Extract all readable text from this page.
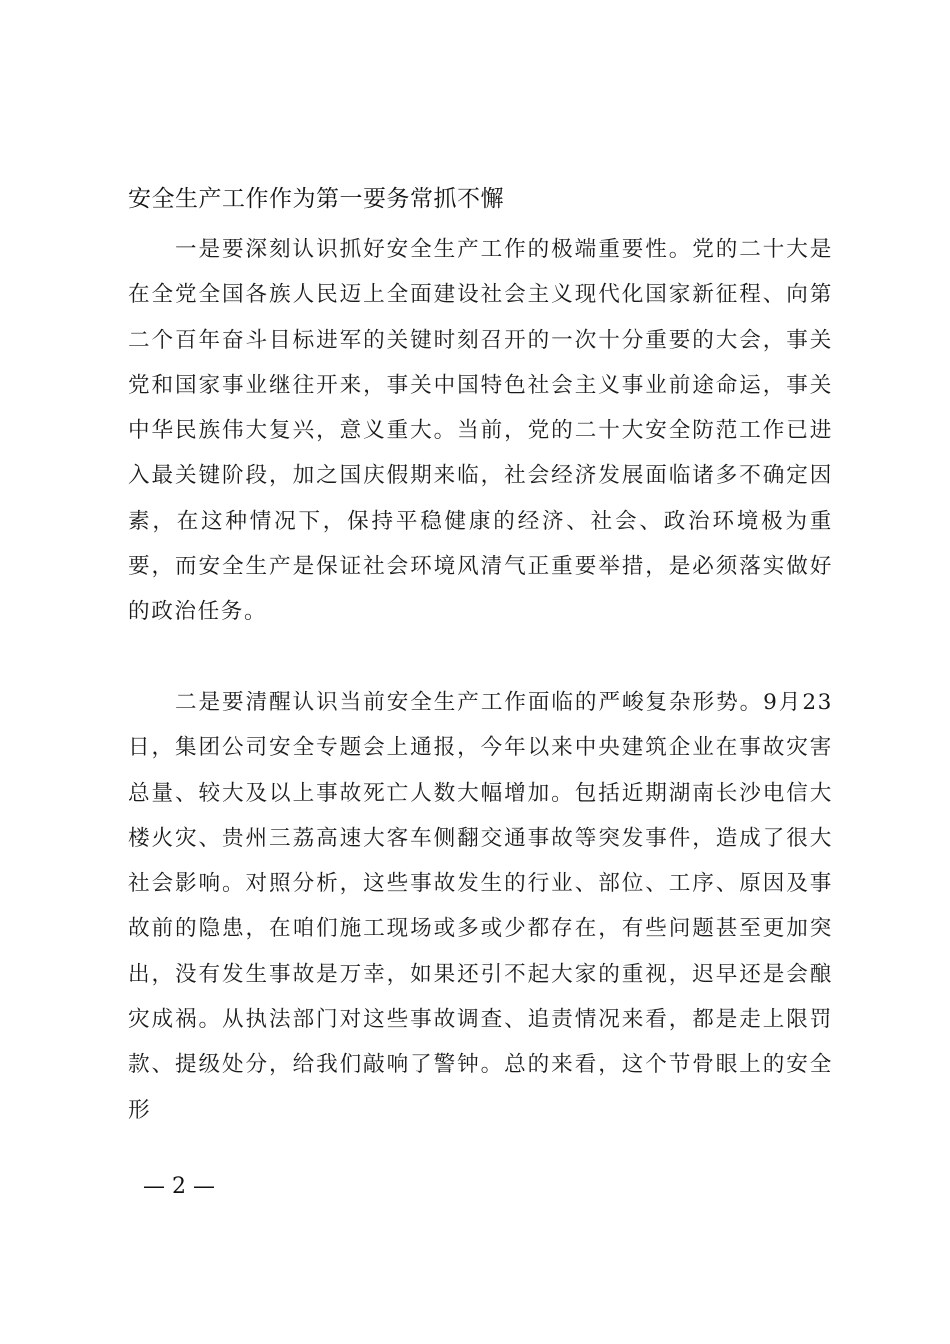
安全生产工作作为第一要务常抓不懈

一是要深刻认识抓好安全生产工作的极端重要性。党的二十大是在全党全国各族人民迈上全面建设社会主义现代化国家新征程、向第二个百年奋斗目标进军的关键时刻召开的一次十分重要的大会，事关党和国家事业继往开来，事关中国特色社会主义事业前途命运，事关中华民族伟大复兴，意义重大。当前，党的二十大安全防范工作已进入最关键阶段，加之国庆假期来临，社会经济发展面临诸多不确定因素，在这种情况下，保持平稳健康的经济、社会、政治环境极为重要，而安全生产是保证社会环境风清气正重要举措，是必须落实做好的政治任务。

二是要清醒认识当前安全生产工作面临的严峻复杂形势。9月23日，集团公司安全专题会上通报，今年以来中央建筑企业在事故灾害总量、较大及以上事故死亡人数大幅增加。包括近期湖南长沙电信大楼火灾、贵州三荔高速大客车侧翻交通事故等突发事件，造成了很大社会影响。对照分析，这些事故发生的行业、部位、工序、原因及事故前的隐患，在咱们施工现场或多或少都存在，有些问题甚至更加突出，没有发生事故是万幸，如果还引不起大家的重视，迟早还是会酿灾成祸。从执法部门对这些事故调查、追责情况来看，都是走上限罚款、提级处分，给我们敲响了警钟。总的来看，这个节骨眼上的安全形

— 2 —
